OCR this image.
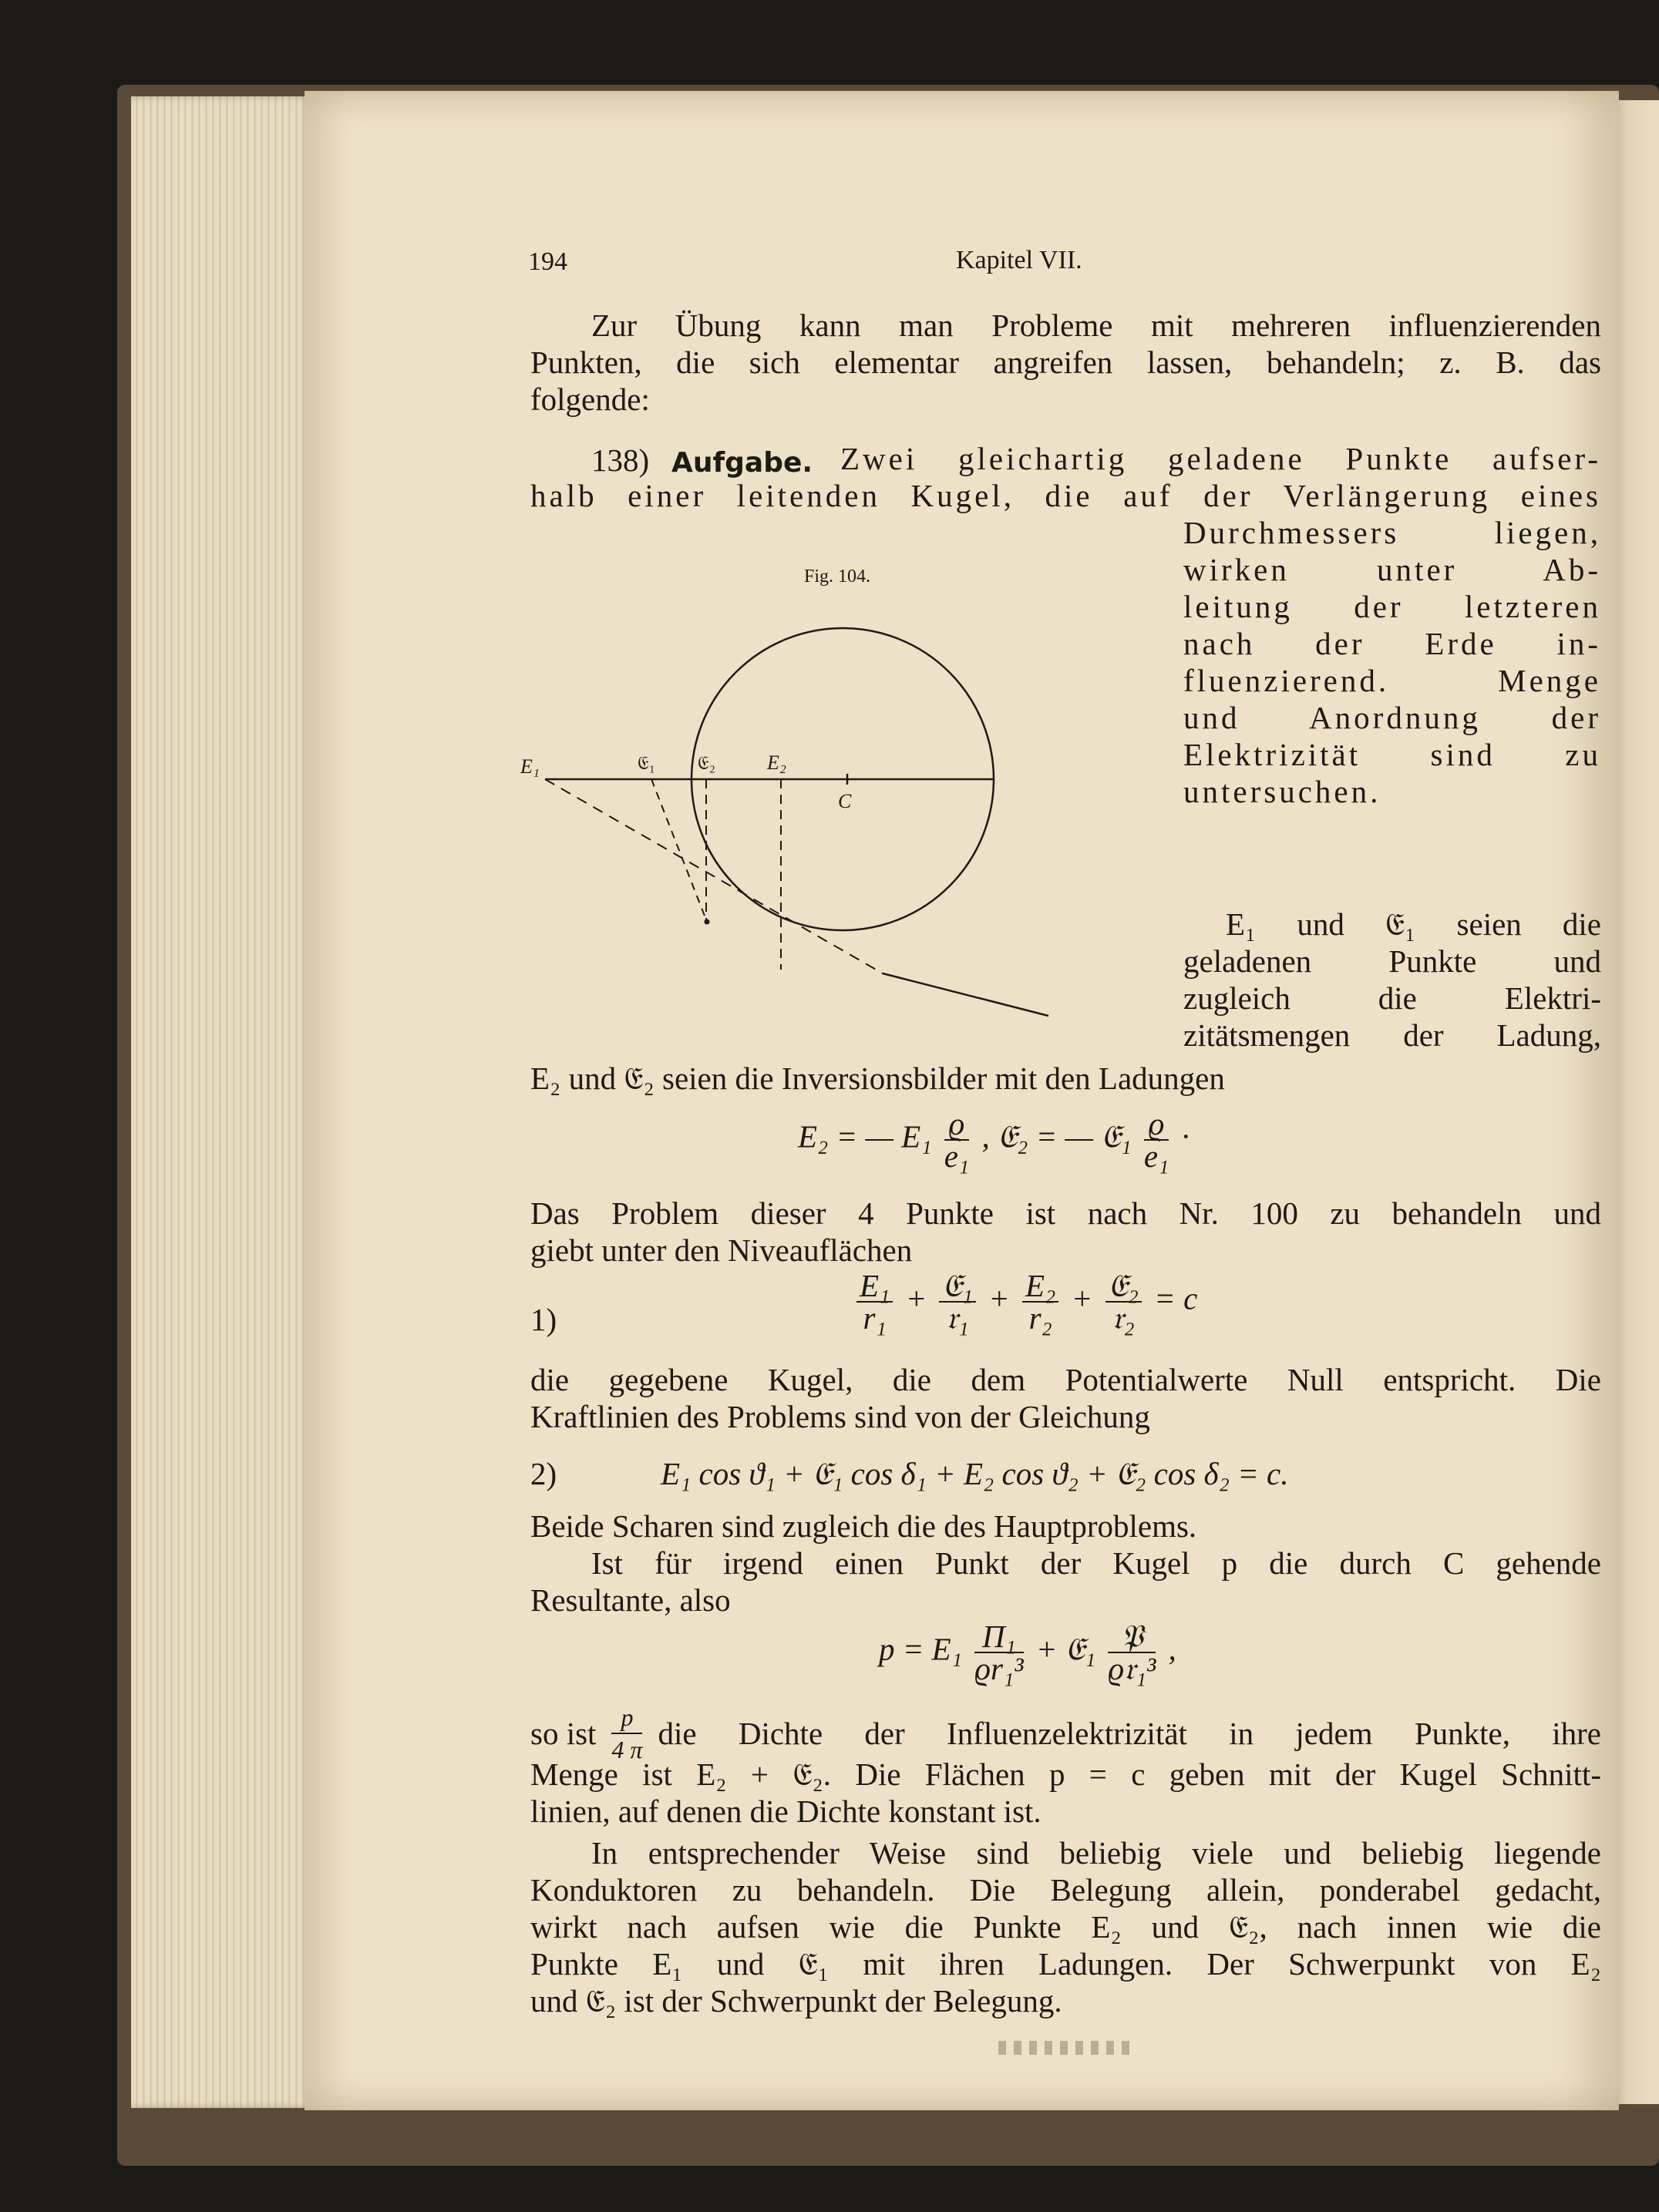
194	Kapitel VII.

Zur Übung kann man Probleme mit mehreren influenzierenden

Punkten, die sich elementar angreifen lassen, behandeln; z. B. das

folgende:

138) Aufgabe. Zwei gleichartig geladene Punkte aufser-

halb einer leitenden Kugel, die auf der Verlängerung eines

Durchmessers liegen,

wirken unter Ab-

leitung der letzteren

nach der Erde in-

fluenzierend. Menge

und Anordnung der

Elektrizität sind zu

untersuchen.

Fig. 104.

E₁	𝔈₁ 𝔈₂	E₂
C

E₁ und 𝔈₁ seien die

geladenen Punkte und

zugleich die Elektri-

zitätsmengen der Ladung,

E₂ und 𝔈₂ seien die Inversionsbilder mit den Ladungen

E₂ = — $E_1 \frac{ϱ}{\text{e₁}}$ , 𝔈₂ = — 𝔈₁ $\frac{ϱ}{\text{e₁}}$ ·

Das Problem dieser 4 Punkte ist nach Nr. 100 zu behandeln und

giebt unter den Niveauflächen

1)	$\frac{\text{E₁}}{\text{r₁}} + \frac{\text{𝔈₁}}{\text{𝔯₁}} + \frac{\text{E₂}}{\text{r₂}} + \frac{\text{𝔈₂}}{\text{𝔯₂}} = c$

die gegebene Kugel, die dem Potentialwerte Null entspricht. Die

Kraftlinien des Problems sind von der Gleichung

2)	E₁ cos ϑ₁ + 𝔈₁ cos δ₁ + E₂ cos ϑ₂ + 𝔈₂ cos δ₂ = c.

Beide Scharen sind zugleich die des Hauptproblems.

Ist für irgend einen Punkt der Kugel p die durch C gehende

Resultante, also

$p = E_1 \frac{\text{Π₁}}{\text{ϱr₁³}}$ + 𝔈₁ $\frac{\text{𝔓}}{\text{ϱ𝔯₁³}}$ ,
so ist $\frac{p}{4 \pi}$ die Dichte der Influenzelektrizität in jedem Punkte, ihre

Menge ist E₂ + 𝔈₂. Die Flächen p = c geben mit der Kugel Schnitt-

linien, auf denen die Dichte konstant ist.

In entsprechender Weise sind beliebig viele und beliebig liegende

Konduktoren zu behandeln. Die Belegung allein, ponderabel gedacht,

wirkt nach aufsen wie die Punkte E₂ und 𝔈₂, nach innen wie die

Punkte E₁ und 𝔈₁ mit ihren Ladungen. Der Schwerpunkt von E₂

und 𝔈₂ ist der Schwerpunkt der Belegung.
